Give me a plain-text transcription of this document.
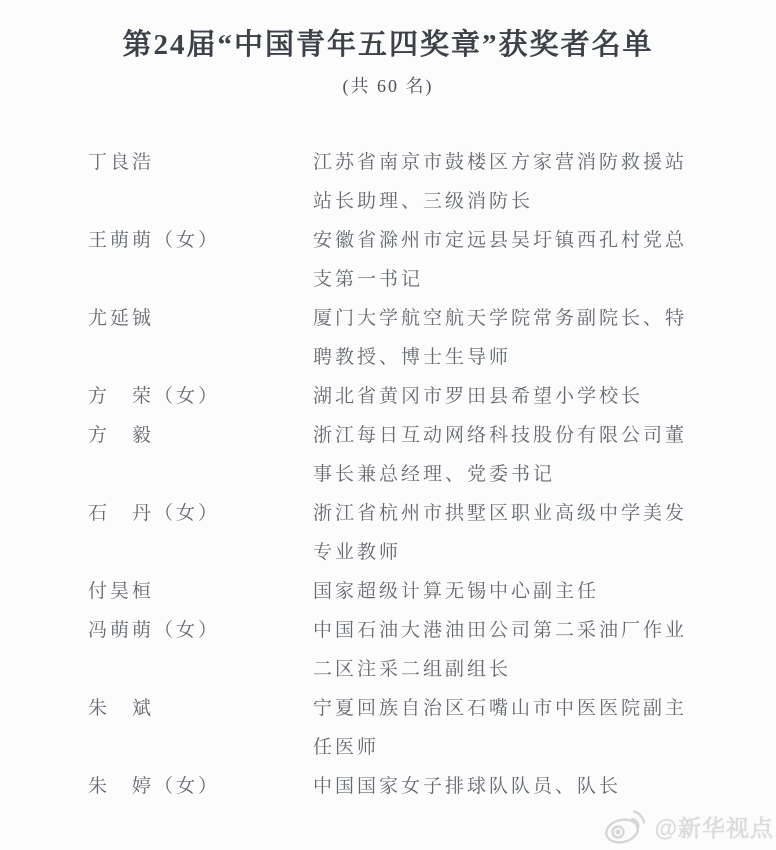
第24届“中国青年五四奖章”获奖者名单
(共 60 名)
丁良浩	江苏省南京市鼓楼区方家营消防救援站站长助理、三级消防长
王萌萌（女）	安徽省滁州市定远县吴圩镇西孔村党总支第一书记
尤延铖	厦门大学航空航天学院常务副院长、特聘教授、博士生导师
方　荣（女）	湖北省黄冈市罗田县希望小学校长
方　毅	浙江每日互动网络科技股份有限公司董事长兼总经理、党委书记
石　丹（女）	浙江省杭州市拱墅区职业高级中学美发专业教师
付昊桓	国家超级计算无锡中心副主任
冯萌萌（女）	中国石油大港油田公司第二采油厂作业二区注采二组副组长
朱　斌	宁夏回族自治区石嘴山市中医医院副主任医师
朱　婷（女）	中国国家女子排球队队员、队长
@新华视点
